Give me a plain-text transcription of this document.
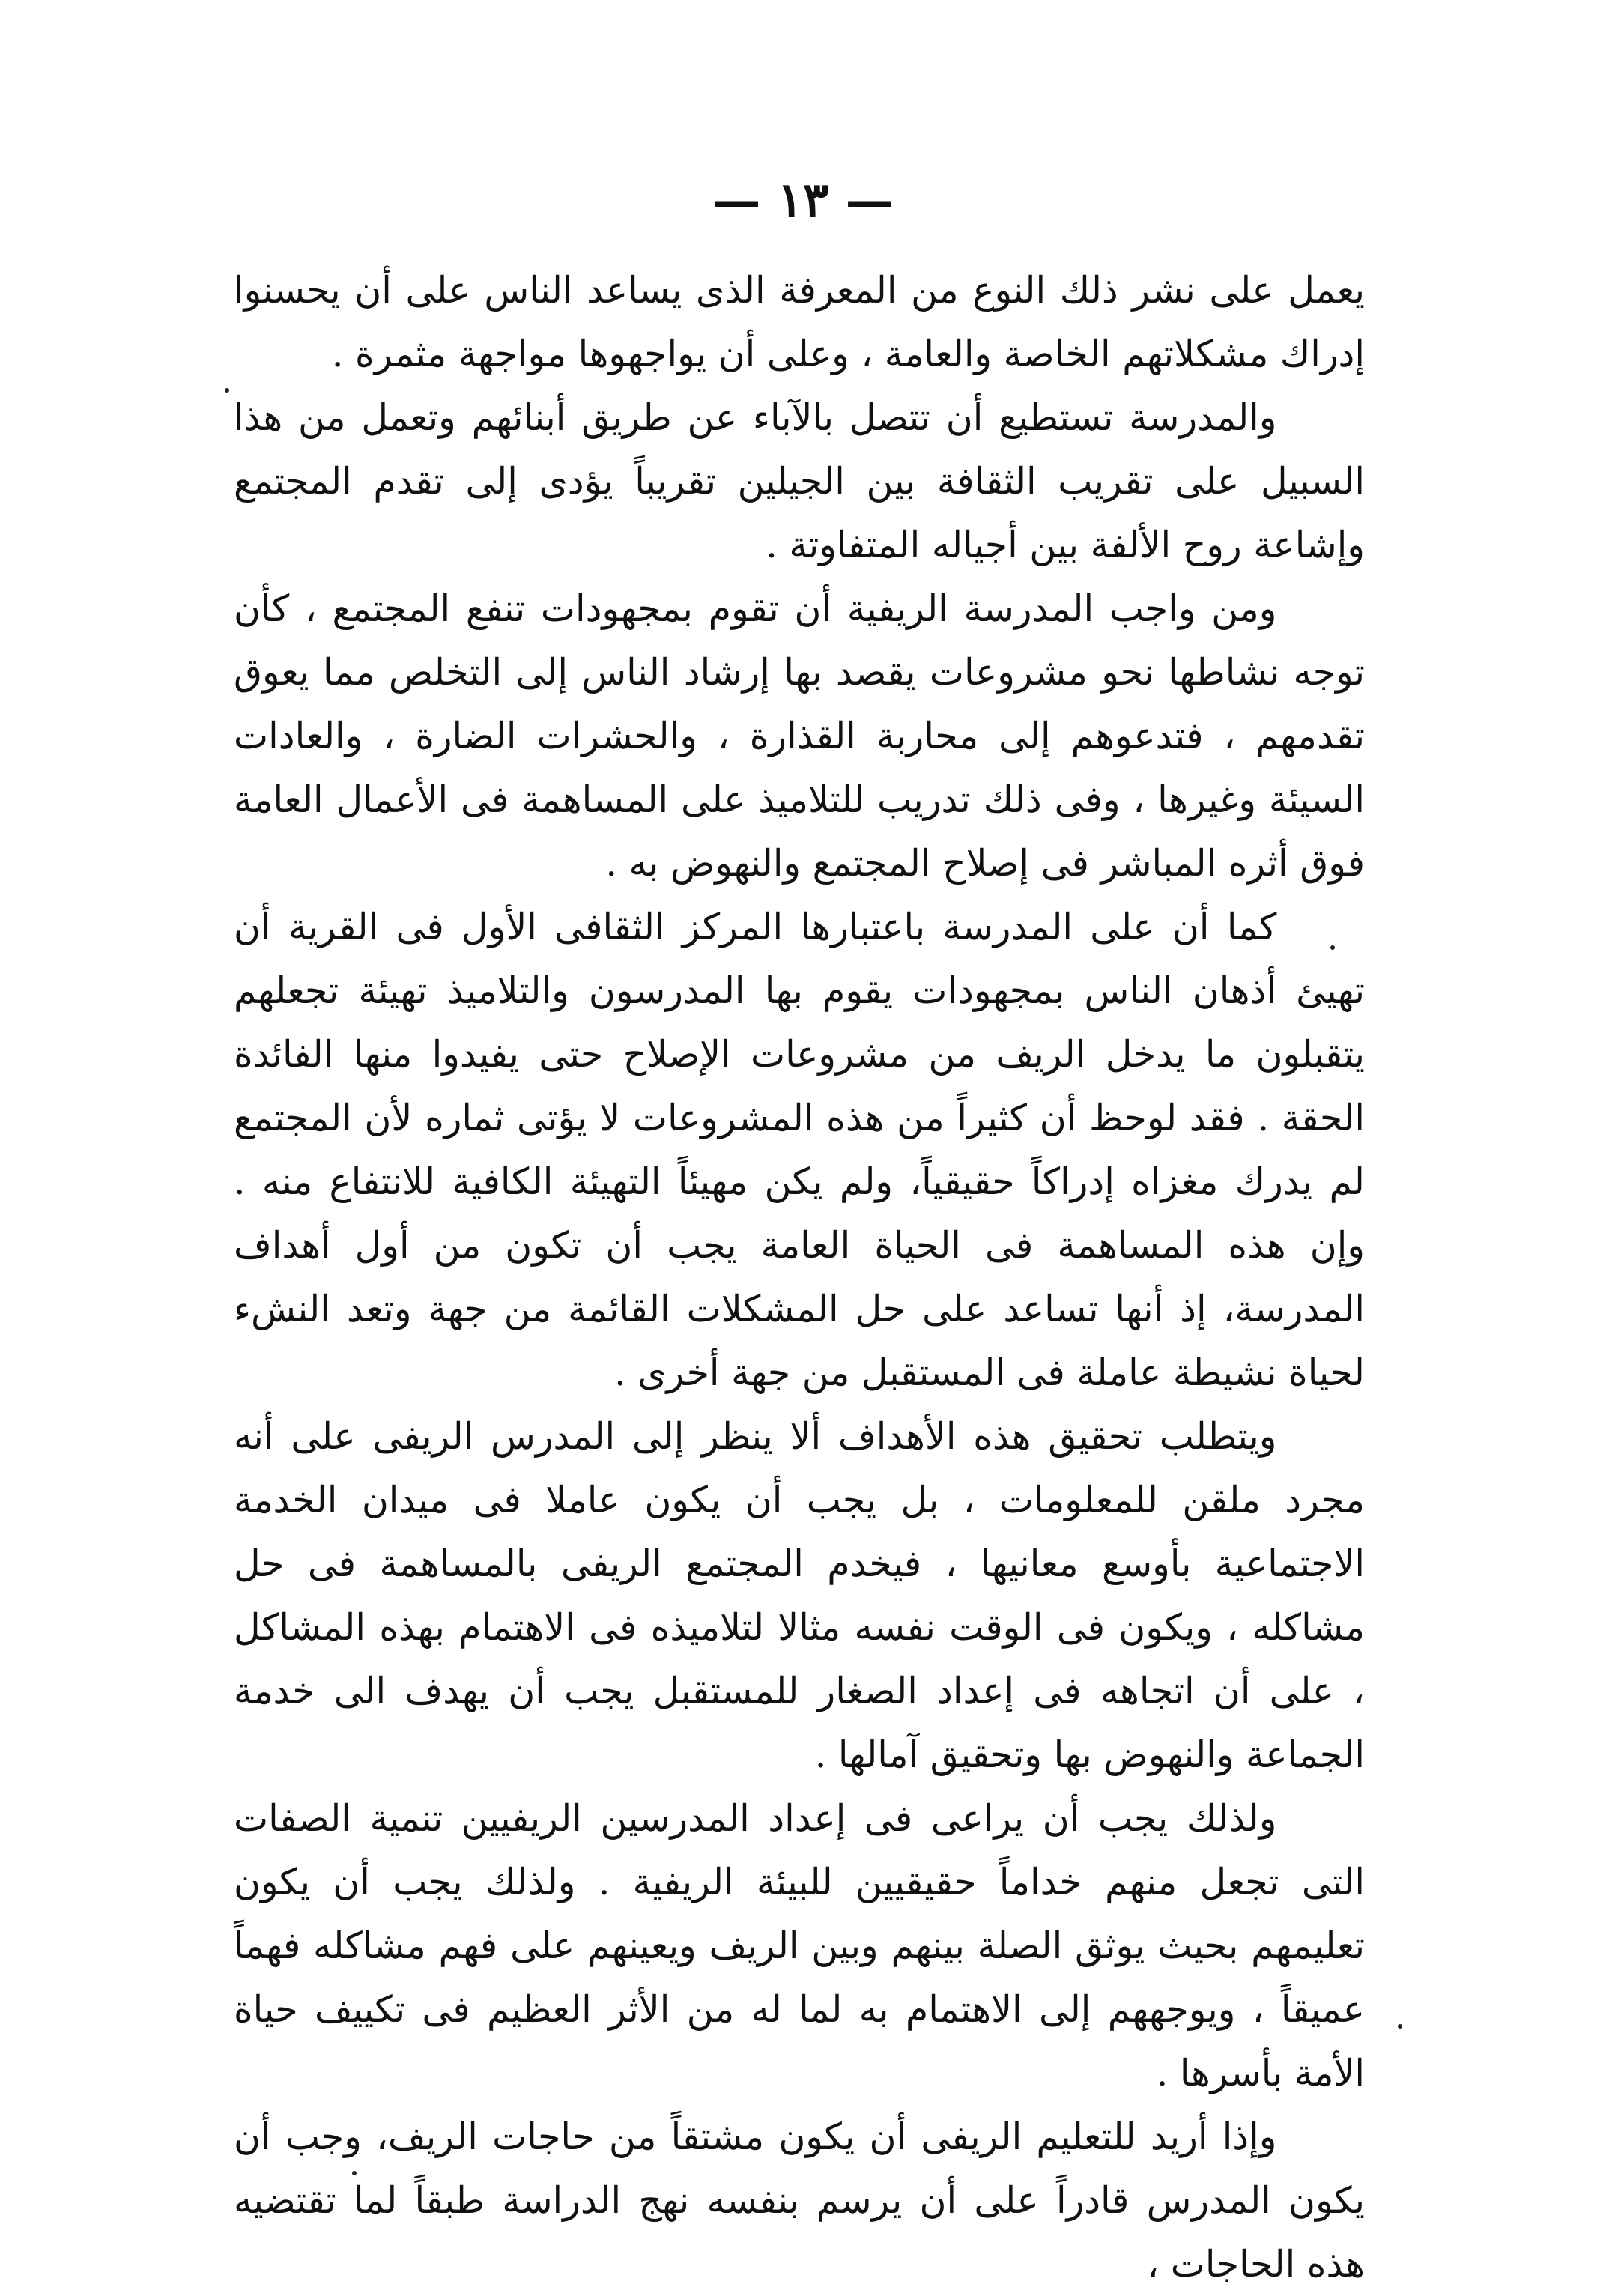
— ١٣ —

يعمل على نشر ذلك النوع من المعرفة الذى يساعد الناس على أن يحسنوا إدراك مشكلاتهم الخاصة والعامة ، وعلى أن يواجهوها مواجهة مثمرة .

والمدرسة تستطيع أن تتصل بالآباء عن طريق أبنائهم وتعمل من هذا السبيل على تقريب الثقافة بين الجيلين تقريباً يؤدى إلى تقدم المجتمع وإشاعة روح الألفة بين أجياله المتفاوتة .

ومن واجب المدرسة الريفية أن تقوم بمجهودات تنفع المجتمع ، كأن توجه نشاطها نحو مشروعات يقصد بها إرشاد الناس إلى التخلص مما يعوق تقدمهم ، فتدعوهم إلى محاربة القذارة ، والحشرات الضارة ، والعادات السيئة وغيرها ، وفى ذلك تدريب للتلاميذ على المساهمة فى الأعمال العامة فوق أثره المباشر فى إصلاح المجتمع والنهوض به .

كما أن على المدرسة باعتبارها المركز الثقافى الأول فى القرية أن تهيئ أذهان الناس بمجهودات يقوم بها المدرسون والتلاميذ تهيئة تجعلهم يتقبلون ما يدخل الريف من مشروعات الإصلاح حتى يفيدوا منها الفائدة الحقة . فقد لوحظ أن كثيراً من هذه المشروعات لا يؤتى ثماره لأن المجتمع لم يدرك مغزاه إدراكاً حقيقياً، ولم يكن مهيئاً التهيئة الكافية للانتفاع منه . وإن هذه المساهمة فى الحياة العامة يجب أن تكون من أول أهداف المدرسة، إذ أنها تساعد على حل المشكلات القائمة من جهة وتعد النشء لحياة نشيطة عاملة فى المستقبل من جهة أخرى .

ويتطلب تحقيق هذه الأهداف ألا ينظر إلى المدرس الريفى على أنه مجرد ملقن للمعلومات ، بل يجب أن يكون عاملا فى ميدان الخدمة الاجتماعية بأوسع معانيها ، فيخدم المجتمع الريفى بالمساهمة فى حل مشاكله ، ويكون فى الوقت نفسه مثالا لتلاميذه فى الاهتمام بهذه المشاكل ، على أن اتجاهه فى إعداد الصغار للمستقبل يجب أن يهدف الى خدمة الجماعة والنهوض بها وتحقيق آمالها .

ولذلك يجب أن يراعى فى إعداد المدرسين الريفيين تنمية الصفات التى تجعل منهم خداماً حقيقيين للبيئة الريفية . ولذلك يجب أن يكون تعليمهم بحيث يوثق الصلة بينهم وبين الريف ويعينهم على فهم مشاكله فهماً عميقاً ، ويوجههم إلى الاهتمام به لما له من الأثر العظيم فى تكييف حياة الأمة بأسرها .

وإذا أريد للتعليم الريفى أن يكون مشتقاً من حاجات الريف، وجب أن يكون المدرس قادراً على أن يرسم بنفسه نهج الدراسة طبقاً لما تقتضيه هذه الحاجات ،
